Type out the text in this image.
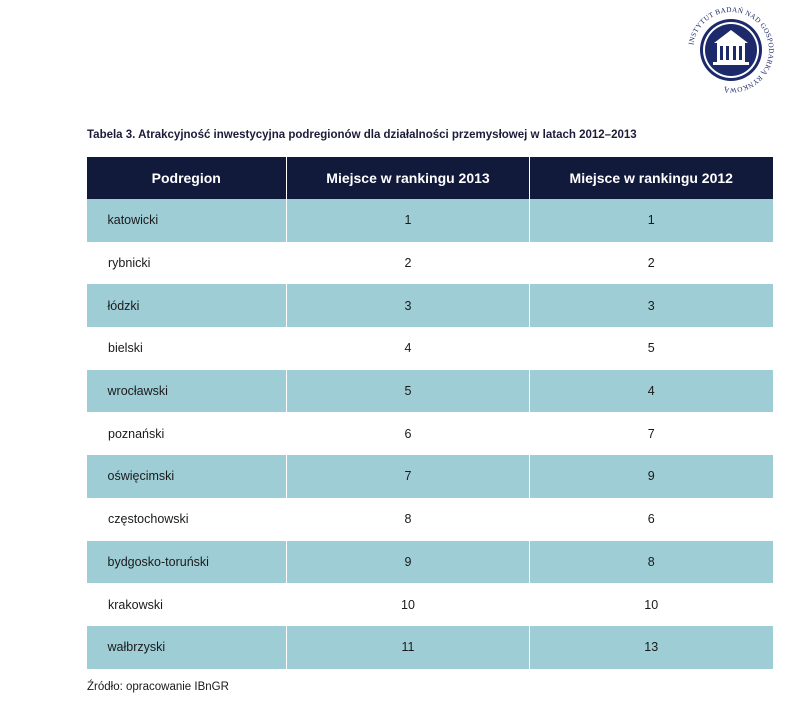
INSTYTUT BADAŃ NAD GOSPODARKĄ RYNKOWĄ
Tabela 3. Atrakcyjność inwestycyjna podregionów dla działalności przemysłowej w latach 2012–2013
Podregion	Miejsce w rankingu 2013	Miejsce w rankingu 2012
katowicki	1	1
rybnicki	2	2
łódzki	3	3
bielski	4	5
wrocławski	5	4
poznański	6	7
oświęcimski	7	9
częstochowski	8	6
bydgosko-toruński	9	8
krakowski	10	10
wałbrzyski	11	13
Źródło: opracowanie IBnGR
